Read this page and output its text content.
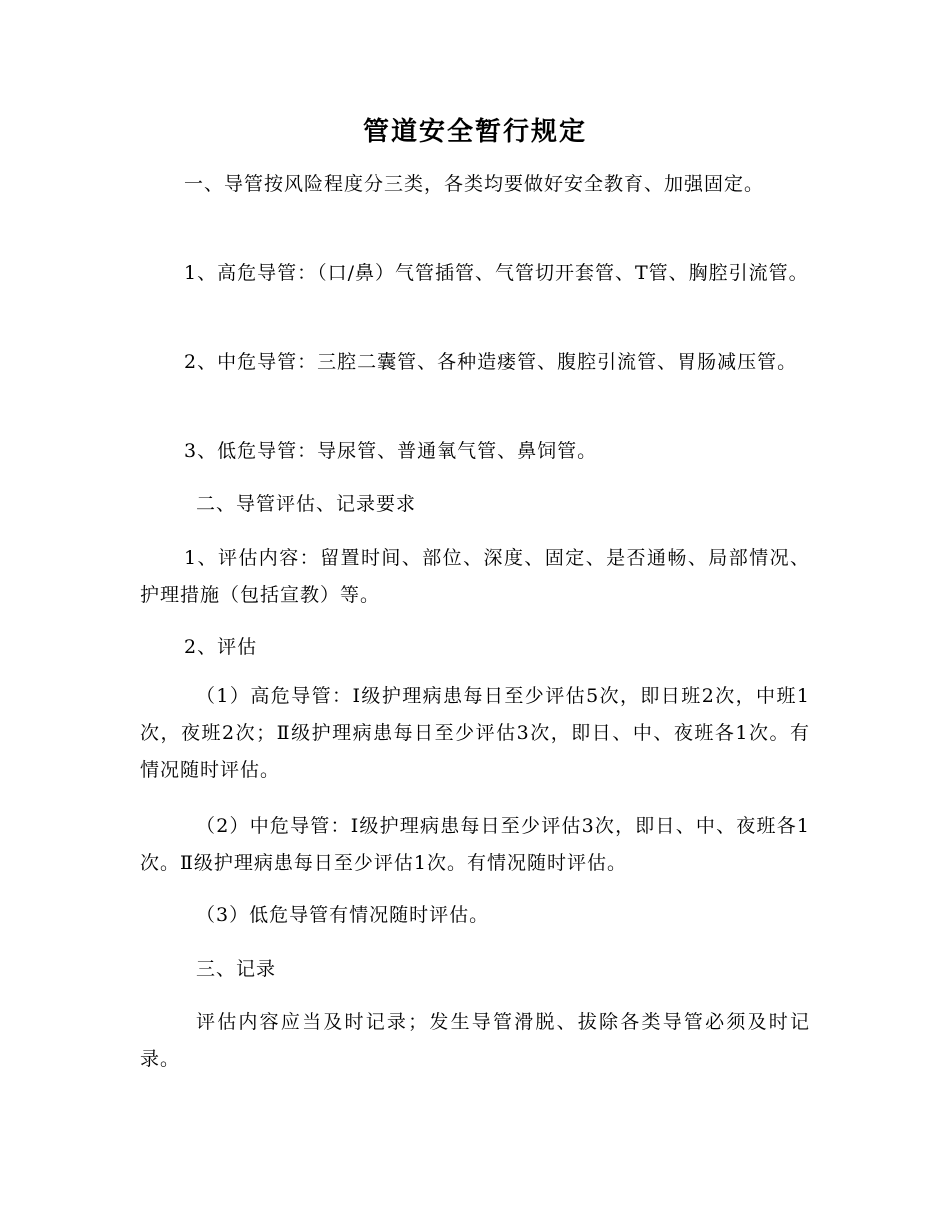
管道安全暂行规定
一、导管按风险程度分三类，各类均要做好安全教育、加强固定。
1、高危导管：（口/鼻）气管插管、气管切开套管、T管、胸腔引流管。
2、中危导管：三腔二囊管、各种造瘘管、腹腔引流管、胃肠减压管。
3、低危导管：导尿管、普通氧气管、鼻饲管。
二、导管评估、记录要求
1、评估内容：留置时间、部位、深度、固定、是否通畅、局部情况、护理措施（包括宣教）等。
2、评估
（1）高危导管：Ⅰ级护理病患每日至少评估5次，即日班2次，中班1次，夜班2次；Ⅱ级护理病患每日至少评估3次，即日、中、夜班各1次。有情况随时评估。
（2）中危导管：Ⅰ级护理病患每日至少评估3次，即日、中、夜班各1次。Ⅱ级护理病患每日至少评估1次。有情况随时评估。
（3）低危导管有情况随时评估。
三、记录
评估内容应当及时记录；发生导管滑脱、拔除各类导管必须及时记录。
